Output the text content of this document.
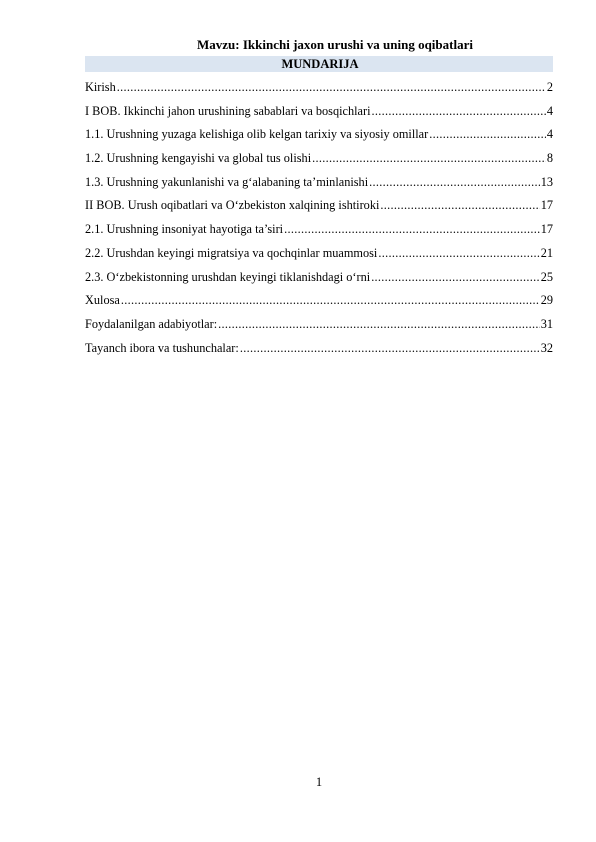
Mavzu: Ikkinchi jaxon urushi va uning oqibatlari
MUNDARIJA
Kirish .....	2
I BOB. Ikkinchi jahon urushining sabablari va bosqichlari .....	4
1.1. Urushning yuzaga kelishiga olib kelgan tarixiy va siyosiy omillar .....	4
1.2. Urushning kengayishi va global tus olishi .....	8
1.3. Urushning yakunlanishi va g‘alabaning ta’minlanishi .....	13
II BOB. Urush oqibatlari va O‘zbekiston xalqining ishtiroki .....	17
2.1. Urushning insoniyat hayotiga ta’siri .....	17
2.2. Urushdan keyingi migratsiya va qochqinlar muammosi .....	21
2.3. O‘zbekistonning urushdan keyingi tiklanishdagi o‘rni .....	25
Xulosa .....	29
Foydalanilgan adabiyotlar: .....	31
Tayanch ibora va tushunchalar: .....	32
1
